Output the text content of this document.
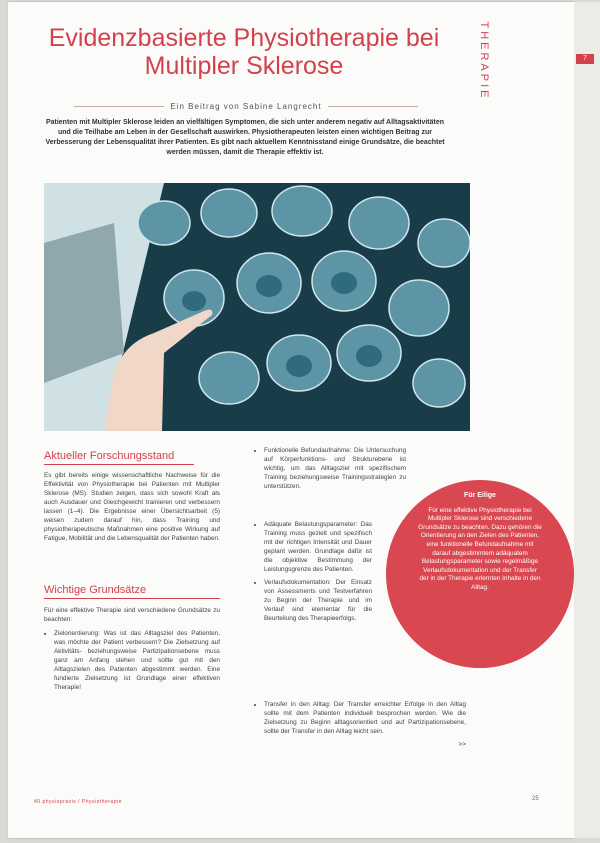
7
THERAPIE
Evidenzbasierte Physiotherapie bei Multipler Sklerose
Ein Beitrag von Sabine Langrecht
Patienten mit Multipler Sklerose leiden an vielfältigen Symptomen, die sich unter anderem negativ auf Alltagsaktivitäten und die Teilhabe am Leben in der Gesellschaft auswirken. Physiotherapeuten leisten einen wichtigen Beitrag zur Verbesserung der Lebensqualität ihrer Patienten. Es gibt nach aktuellem Kenntnisstand einige Grundsätze, die beachtet werden müssen, damit die Therapie effektiv ist.
Aktueller Forschungsstand

Es gibt bereits einige wissenschaftliche Nachweise für die Effektivität von Physiotherapie bei Patienten mit Multipler Sklerose (MS). Studien zeigen, dass sich sowohl Kraft als auch Ausdauer und Gleichgewicht trainieren und verbessern lassen (1–4). Die Ergebnisse einer Übersichtsarbeit (5) weisen zudem darauf hin, dass Training und physiotherapeutische Maßnahmen eine positive Wirkung auf Fatigue, Mobilität und die Lebensqualität der Patienten haben.

Wichtige Grundsätze

Für eine effektive Therapie sind verschiedene Grundsätze zu beachten:

• Zielorientierung: Was ist das Alltagsziel des Patienten, was möchte der Patient verbessern? Die Zielsetzung auf Aktivitäts- beziehungsweise Partizipationsebene muss ganz am Anfang stehen und sollte gut mit den Alltagszielen des Patienten abgestimmt werden. Eine fundierte Zielsetzung ist Grundlage einer effektiven Therapie!
• Funktionelle Befundaufnahme: Die Untersuchung auf Körperfunktions- und Strukturebene ist wichtig, um das Alltagsziel mit spezifischem Training beziehungsweise Trainingsstrategien zu unterstützen.
• Adäquate Belastungsparameter: Das Training muss gezielt und spezifisch mit der richtigen Intensität und Dauer geplant werden. Grundlage dafür ist die objektive Bestimmung der Leistungsgrenze des Patienten.
• Verlaufsdokumentation: Der Einsatz von Assessments und Testverfahren zu Beginn der Therapie und im Verlauf sind elementar für die Beurteilung des Therapieerfolgs.
• Transfer in den Alltag: Der Transfer erreichter Erfolge in den Alltag sollte mit dem Patienten individuell besprochen werden. Wie die Zielsetzung zu Beginn alltagsorientiert und auf Partizipationsebene, sollte der Transfer in den Alltag leicht sein.
>>
Für Eilige
Für eine effektive Physiotherapie bei Multipler Sklerose sind verschiedene Grundsätze zu beachten. Dazu gehören die Orientierung an den Zielen des Patienten, eine funktionelle Befundaufnahme mit darauf abgestimmtem adäquatem Belastungsparameter sowie regelmäßige Verlaufsdokumentation und der Transfer der in der Therapie erlernten Inhalte in den Alltag.
40 physiopraxis / Physiotherapie	25
